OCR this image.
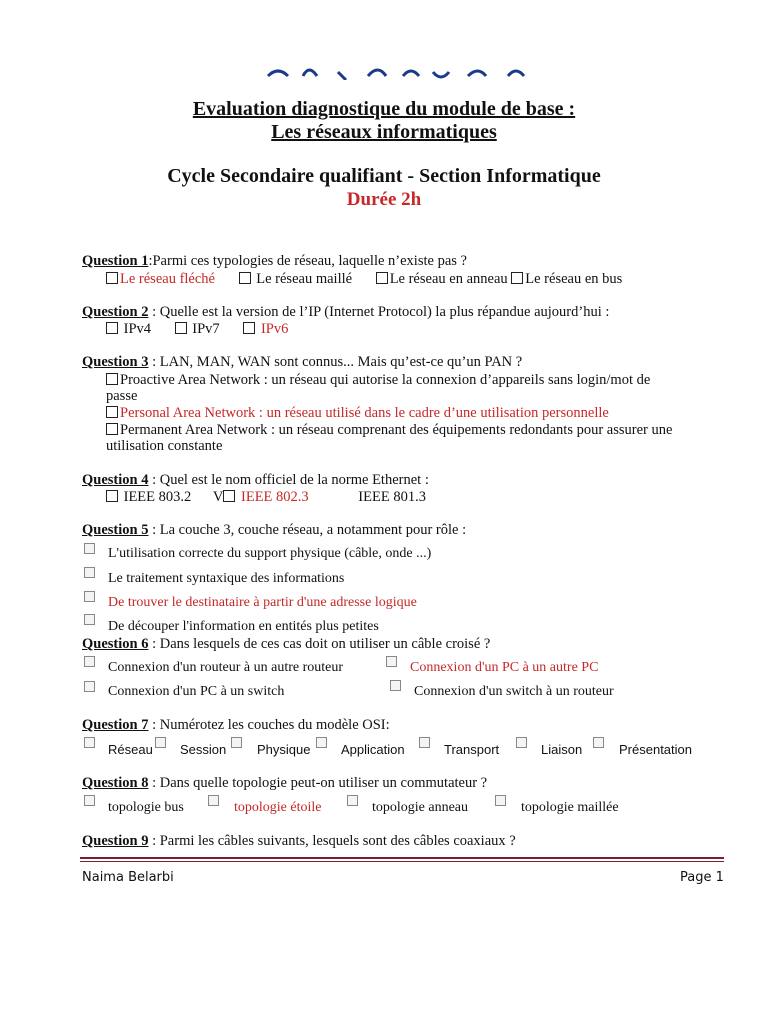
Evaluation diagnostique du module de base :
Les réseaux informatiques
Cycle Secondaire qualifiant - Section Informatique
Durée 2h
Question 1:Parmi ces typologies de réseau, laquelle n’existe pas ?
Le réseau fléché	Le réseau maillé	Le réseau en anneau Le réseau en bus
Question 2 : Quelle est la version de l’IP (Internet Protocol) la plus répandue aujourd’hui :
IPv4	IPv7	IPv6
Question 3 : LAN, MAN, WAN sont connus... Mais qu’est-ce qu’un PAN ?
Proactive Area Network : un réseau qui autorise la connexion d’appareils sans login/mot de
passe
Personal Area Network : un réseau utilisé dans le cadre d’une utilisation personnelle
Permanent Area Network : un réseau comprenant des équipements redondants pour assurer une
utilisation constante
Question 4 : Quel est le nom officiel de la norme Ethernet :
IEEE 803.2 V IEEE 802.3	IEEE 801.3
Question 5 : La couche 3, couche réseau, a notamment pour rôle :
L'utilisation correcte du support physique (câble, onde ...)
Le traitement syntaxique des informations
De trouver le destinataire à partir d'une adresse logique
De découper l'information en entités plus petites
Question 6 : Dans lesquels de ces cas doit on utiliser un câble croisé ?
Connexion d'un routeur à un autre routeur	Connexion d'un PC à un autre PC
Connexion d'un PC à un switch	Connexion d'un switch à un routeur
Question 7 : Numérotez les couches du modèle OSI:
Réseau Session Physique Application	Transport	Liaison	Présentation
Question 8 : Dans quelle topologie peut-on utiliser un commutateur ?
topologie bus	topologie étoile	topologie anneau	topologie maillée
Question 9 : Parmi les câbles suivants, lesquels sont des câbles coaxiaux ?
Naima Belarbi	Page 1
